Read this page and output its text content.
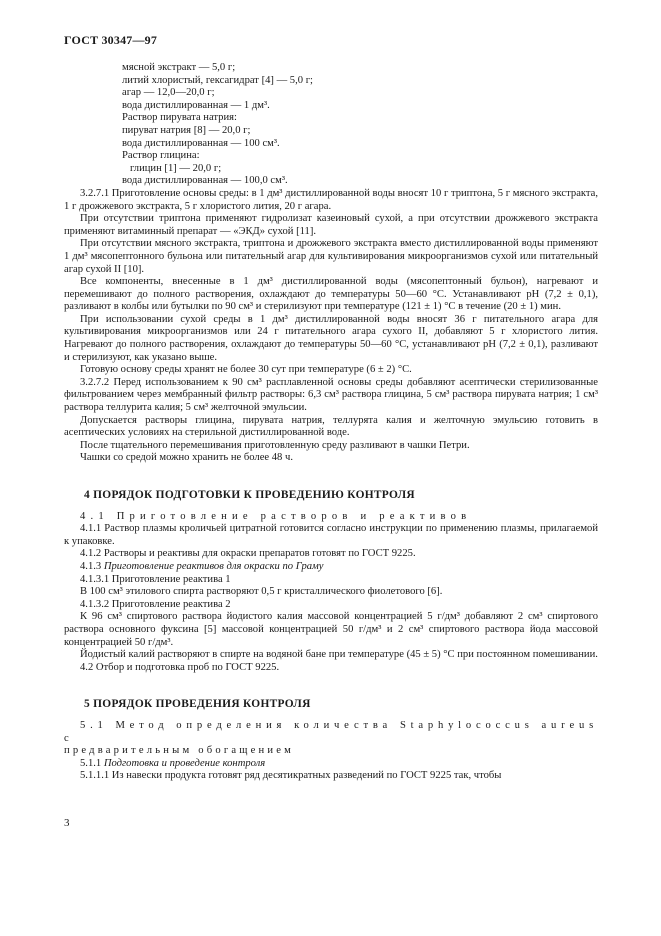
ГОСТ 30347—97
мясной экстракт — 5,0 г;
литий хлористый, гексагидрат [4] — 5,0 г;
агар — 12,0—20,0 г;
вода дистиллированная — 1 дм³.
Раствор пирувата натрия:
пируват натрия [8] — 20,0 г;
вода дистиллированная — 100 см³.
Раствор глицина:
глицин [1] — 20,0 г;
вода дистиллированная — 100,0 см³.

3.2.7.1 Приготовление основы среды: в 1 дм³ дистиллированной воды вносят 10 г триптона, 5 г мясного экстракта, 1 г дрожжевого экстракта, 5 г хлористого лития, 20 г агара.

При отсутствии триптона применяют гидролизат казеиновый сухой, а при отсутствии дрожжевого экстракта применяют витаминный препарат — «ЭКД» сухой [11].

При отсутствии мясного экстракта, триптона и дрожжевого экстракта вместо дистиллированной воды применяют 1 дм³ мясопептонного бульона или питательный агар для культивирования микроорганизмов сухой или питательный агар сухой II [10].

Все компоненты, внесенные в 1 дм³ дистиллированной воды (мясопептонный бульон), нагревают и перемешивают до полного растворения, охлаждают до температуры 50—60 °С. Устанавливают рН (7,2 ± 0,1), разливают в колбы или бутылки по 90 см³ и стерилизуют при температуре (121 ± 1) °С в течение (20 ± 1) мин.

При использовании сухой среды в 1 дм³ дистиллированной воды вносят 36 г питательного агара для культивирования микроорганизмов или 24 г питательного агара сухого II, добавляют 5 г хлористого лития. Нагревают до полного растворения, охлаждают до температуры 50—60 °С, устанавливают рН (7,2 ± 0,1), разливают и стерилизуют, как указано выше.

Готовую основу среды хранят не более 30 сут при температуре (6 ± 2) °С.

3.2.7.2 Перед использованием к 90 см³ расплавленной основы среды добавляют асептически стерилизованные фильтрованием через мембранный фильтр растворы: 6,3 см³ раствора глицина, 5 см³ раствора пирувата натрия; 1 см³ раствора теллурита калия; 5 см³ желточной эмульсии.

Допускается растворы глицина, пирувата натрия, теллурята калия и желточную эмульсию готовить в асептических условиях на стерильной дистиллированной воде.

После тщательного перемешивания приготовленную среду разливают в чашки Петри.

Чашки со средой можно хранить не более 48 ч.

4 ПОРЯДОК ПОДГОТОВКИ К ПРОВЕДЕНИЮ КОНТРОЛЯ
4.1 Приготовление растворов и реактивов

4.1.1 Раствор плазмы кроличьей цитратной готовится согласно инструкции по применению плазмы, прилагаемой к упаковке.

4.1.2 Растворы и реактивы для окраски препаратов готовят по ГОСТ 9225.

4.1.3 Приготовление реактивов для окраски по Граму

4.1.3.1 Приготовление реактива 1

В 100 см³ этилового спирта растворяют 0,5 г кристаллического фиолетового [6].

4.1.3.2 Приготовление реактива 2

К 96 см³ спиртового раствора йодистого калия массовой концентрацией 5 г/дм³ добавляют 2 см³ спиртового раствора основного фуксина [5] массовой концентрацией 50 г/дм³ и 2 см³ спиртового раствора йода массовой концентрацией 50 г/дм³.

Йодистый калий растворяют в спирте на водяной бане при температуре (45 ± 5) °С при постоянном помешивании.

4.2 Отбор и подготовка проб по ГОСТ 9225.

5 ПОРЯДОК ПРОВЕДЕНИЯ КОНТРОЛЯ
5.1 Метод определения количества Staphylococcus aureus с
предварительным обогащением

5.1.1 Подготовка и проведение контроля

5.1.1.1 Из навески продукта готовят ряд десятикратных разведений по ГОСТ 9225 так, чтобы

3
